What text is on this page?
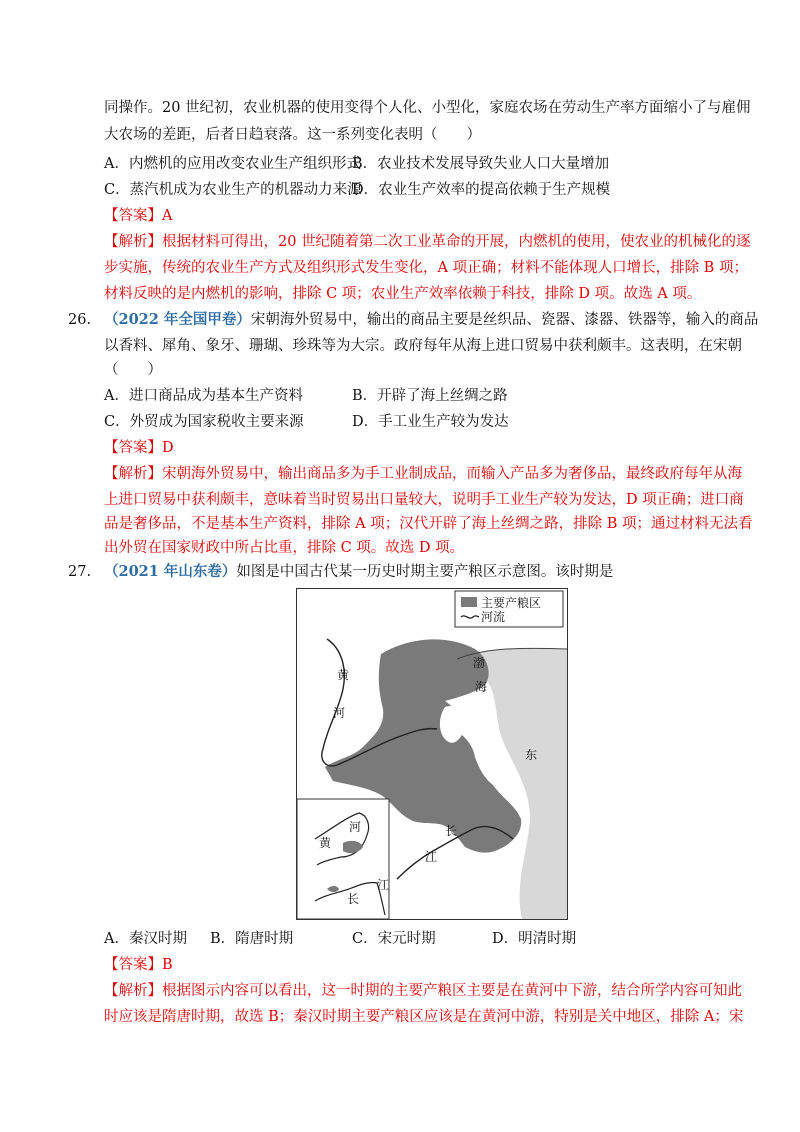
同操作。20 世纪初，农业机器的使用变得个人化、小型化，家庭农场在劳动生产率方面缩小了与雇佣
大农场的差距，后者日趋衰落。这一系列变化表明（　　）
A．内燃机的应用改变农业生产组织形式
B．农业技术发展导致失业人口大量增加
C．蒸汽机成为农业生产的机器动力来源
D．农业生产效率的提高依赖于生产规模
【答案】A
【解析】根据材料可得出，20 世纪随着第二次工业革命的开展，内燃机的使用，使农业的机械化的逐
步实施，传统的农业生产方式及组织形式发生变化，A 项正确；材料不能体现人口增长，排除 B 项；
材料反映的是内燃机的影响，排除 C 项；农业生产效率依赖于科技，排除 D 项。故选 A 项。
26. （2022 年全国甲卷）宋朝海外贸易中，输出的商品主要是丝织品、瓷器、漆器、铁器等，输入的商品
以香料、犀角、象牙、珊瑚、珍珠等为大宗。政府每年从海上进口贸易中获利颇丰。这表明，在宋朝
（　　）
A．进口商品成为基本生产资料	B．开辟了海上丝绸之路
C．外贸成为国家税收主要来源	D．手工业生产较为发达
【答案】D
【解析】宋朝海外贸易中，输出商品多为手工业制成品，而输入产品多为奢侈品，最终政府每年从海
上进口贸易中获利颇丰，意味着当时贸易出口量较大，说明手工业生产较为发达，D 项正确；进口商
品是奢侈品，不是基本生产资料，排除 A 项；汉代开辟了海上丝绸之路，排除 B 项；通过材料无法看
出外贸在国家财政中所占比重，排除 C 项。故选 D 项。
27. （2021 年山东卷）如图是中国古代某一历史时期主要产粮区示意图。该时期是
主要产粮区
河流
黄
河
渤
海
东
长
江
河
黄
长
江
A．秦汉时期 B．隋唐时期	C．宋元时期	D．明清时期
【答案】B
【解析】根据图示内容可以看出，这一时期的主要产粮区主要是在黄河中下游，结合所学内容可知此
时应该是隋唐时期，故选 B；秦汉时期主要产粮区应该是在黄河中游，特别是关中地区，排除 A；宋
